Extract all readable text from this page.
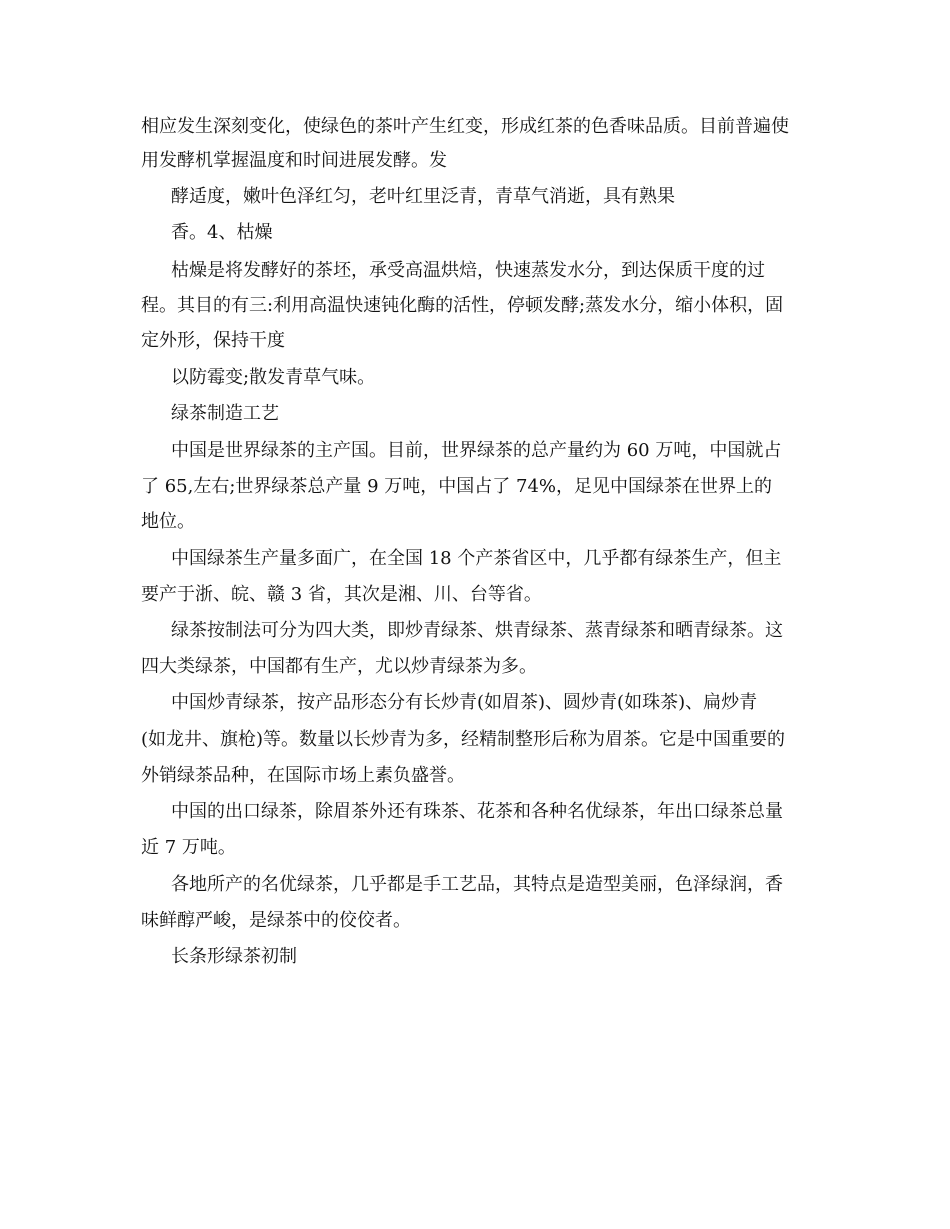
相应发生深刻变化，使绿色的茶叶产生红变，形成红茶的色香味品质。目前普遍使

用发酵机掌握温度和时间进展发酵。发

酵适度，嫩叶色泽红匀，老叶红里泛青，青草气消逝，具有熟果

香。4、枯燥

枯燥是将发酵好的茶坯，承受高温烘焙，快速蒸发水分，到达保质干度的过

程。其目的有三:利用高温快速钝化酶的活性，停顿发酵;蒸发水分，缩小体积，固

定外形，保持干度

以防霉变;散发青草气味。

绿茶制造工艺

中国是世界绿茶的主产国。目前，世界绿茶的总产量约为 60 万吨，中国就占

了 65,左右;世界绿茶总产量 9 万吨，中国占了 74%，足见中国绿茶在世界上的

地位。

中国绿茶生产量多面广，在全国 18 个产茶省区中，几乎都有绿茶生产，但主

要产于浙、皖、赣 3 省，其次是湘、川、台等省。

绿茶按制法可分为四大类，即炒青绿茶、烘青绿茶、蒸青绿茶和晒青绿茶。这

四大类绿茶，中国都有生产，尤以炒青绿茶为多。

中国炒青绿茶，按产品形态分有长炒青(如眉茶)、圆炒青(如珠茶)、扁炒青

(如龙井、旗枪)等。数量以长炒青为多，经精制整形后称为眉茶。它是中国重要的

外销绿茶品种，在国际市场上素负盛誉。

中国的出口绿茶，除眉茶外还有珠茶、花茶和各种名优绿茶，年出口绿茶总量

近 7 万吨。

各地所产的名优绿茶，几乎都是手工艺品，其特点是造型美丽，色泽绿润，香

味鲜醇严峻，是绿茶中的佼佼者。

长条形绿茶初制
